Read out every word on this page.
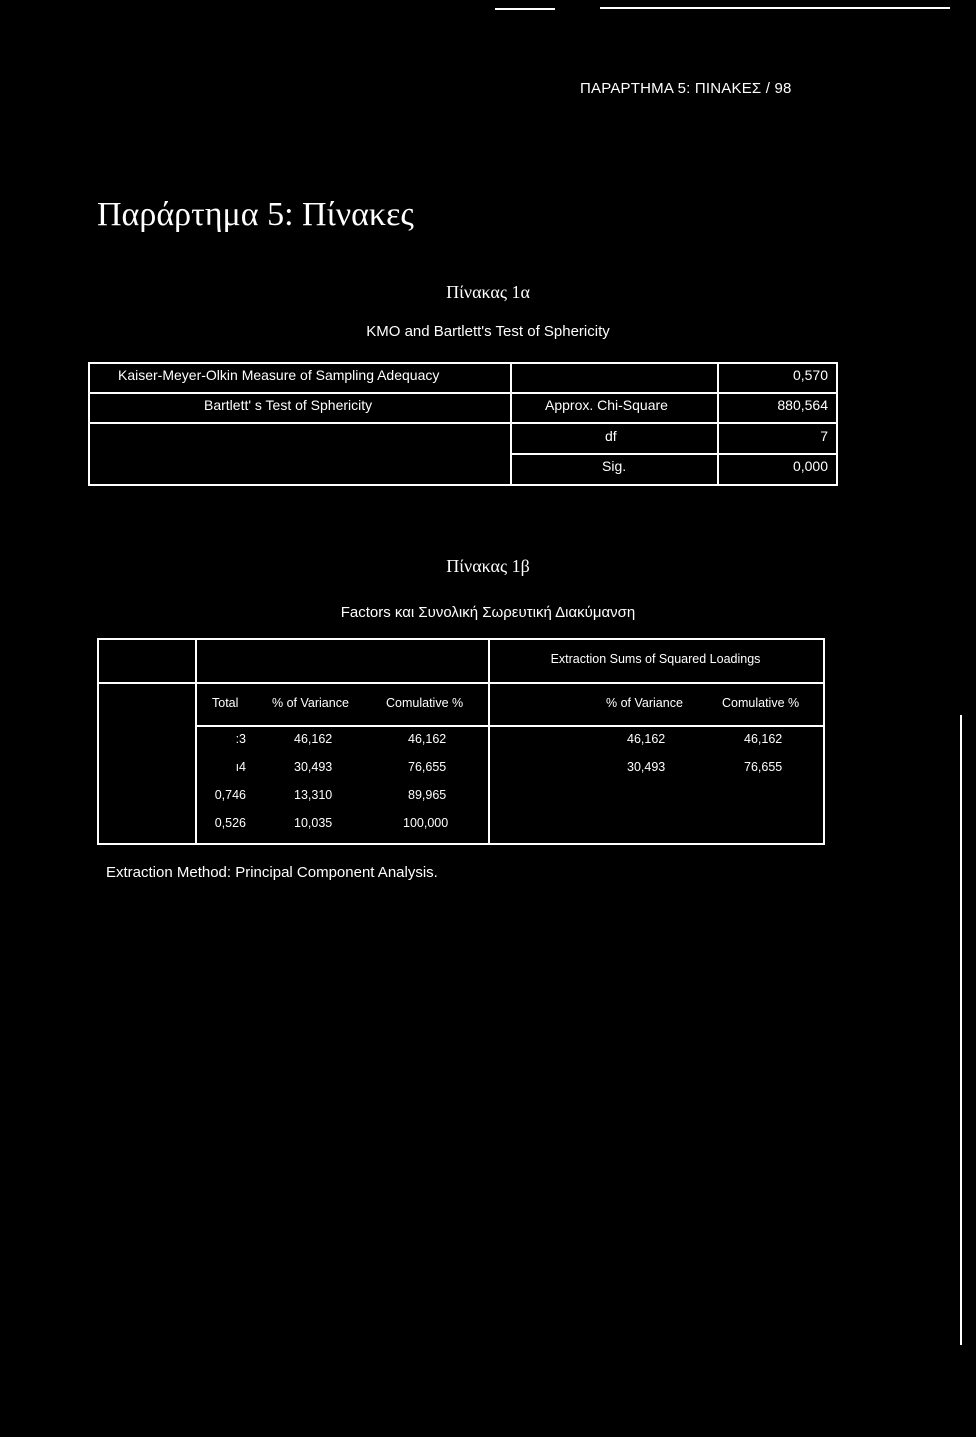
ΠΑΡΑΡΤΗΜΑ 5: ΠΙΝΑΚΕΣ / 98
Παράρτημα 5: Πίνακες
Πίνακας 1α
KMO and Bartlett's Test of Sphericity
Kaiser-Meyer-Olkin Measure of Sampling Adequacy	0,570
Bartlett' s Test of Sphericity	Approx. Chi-Square	880,564
df	7
Sig.	0,000
Πίνακας 1β
Factors και Συνολική Σωρευτική Διακύμανση
Extraction Sums of Squared Loadings
Total	% of Variance	Comulative %	% of Variance	Comulative %
:3	46,162	46,162	46,162	46,162
ı4	30,493	76,655	30,493	76,655
0,746	13,310	89,965
0,526	10,035	100,000
Extraction Method: Principal Component Analysis.
